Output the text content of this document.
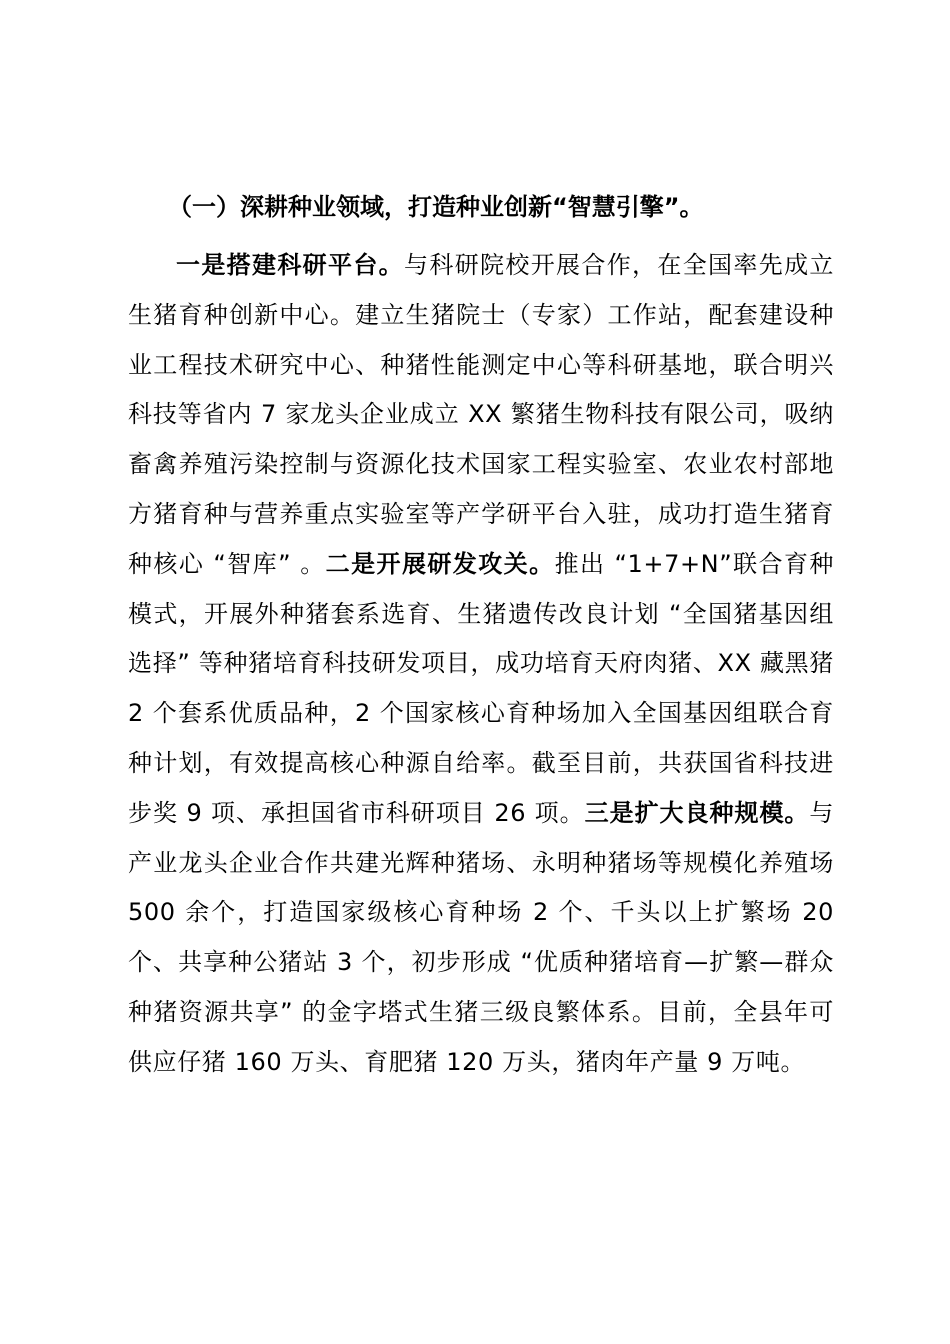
（一）深耕种业领域，打造种业创新“智慧引擎”。

一是搭建科研平台。与科研院校开展合作，在全国率先成立生猪育种创新中心。建立生猪院士（专家）工作站，配套建设种业工程技术研究中心、种猪性能测定中心等科研基地，联合明兴科技等省内 7 家龙头企业成立 XX 繁猪生物科技有限公司，吸纳畜禽养殖污染控制与资源化技术国家工程实验室、农业农村部地方猪育种与营养重点实验室等产学研平台入驻，成功打造生猪育种核心 “智库” 。二是开展研发攻关。推出 “1+7+N”联合育种模式，开展外种猪套系选育、生猪遗传改良计划 “全国猪基因组选择” 等种猪培育科技研发项目，成功培育天府肉猪、XX 藏黑猪 2 个套系优质品种，2 个国家核心育种场加入全国基因组联合育种计划，有效提高核心种源自给率。截至目前，共获国省科技进步奖 9 项、承担国省市科研项目 26 项。三是扩大良种规模。与产业龙头企业合作共建光辉种猪场、永明种猪场等规模化养殖场 500 余个，打造国家级核心育种场 2 个、千头以上扩繁场 20 个、共享种公猪站 3 个，初步形成 “优质种猪培育—扩繁—群众种猪资源共享” 的金字塔式生猪三级良繁体系。目前，全县年可供应仔猪 160 万头、育肥猪 120 万头，猪肉年产量 9 万吨。
